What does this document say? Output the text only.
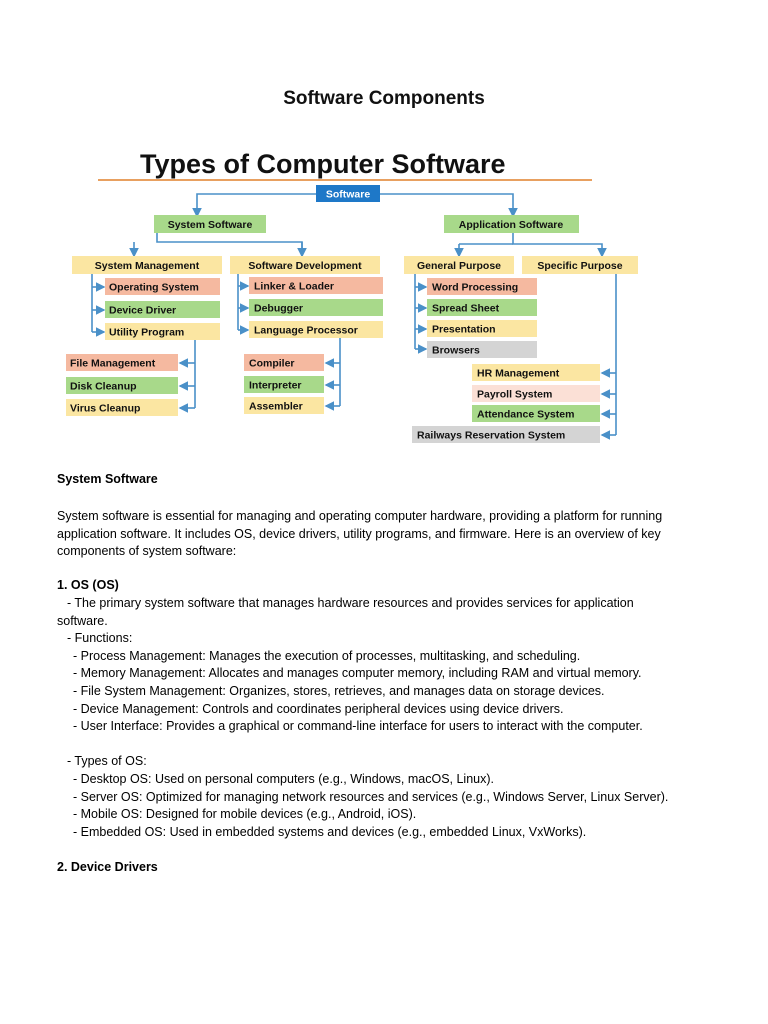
Software Components
Types of Computer Software
Software
System Software	Application Software
System Management	Software Development	General Purpose	Specific Purpose
Operating System
Device Driver
Utility Program
File Management
Disk Cleanup
Virus Cleanup
Linker & Loader
Debugger
Language Processor
Compiler
Interpreter
Assembler
Word Processing
Spread Sheet
Presentation
Browsers
HR Management
Payroll System
Attendance System
Railways Reservation System
System Software
System software is essential for managing and operating computer hardware, providing a platform for running application software. It includes OS, device drivers, utility programs, and firmware. Here is an overview of key components of system software:
1. OS (OS)
- The primary system software that manages hardware resources and provides services for application
software.
- Functions:
- Process Management: Manages the execution of processes, multitasking, and scheduling.
- Memory Management: Allocates and manages computer memory, including RAM and virtual memory.
- File System Management: Organizes, stores, retrieves, and manages data on storage devices.
- Device Management: Controls and coordinates peripheral devices using device drivers.
- User Interface: Provides a graphical or command-line interface for users to interact with the computer.
- Types of OS:
- Desktop OS: Used on personal computers (e.g., Windows, macOS, Linux).
- Server OS: Optimized for managing network resources and services (e.g., Windows Server, Linux Server).
- Mobile OS: Designed for mobile devices (e.g., Android, iOS).
- Embedded OS: Used in embedded systems and devices (e.g., embedded Linux, VxWorks).
2. Device Drivers
